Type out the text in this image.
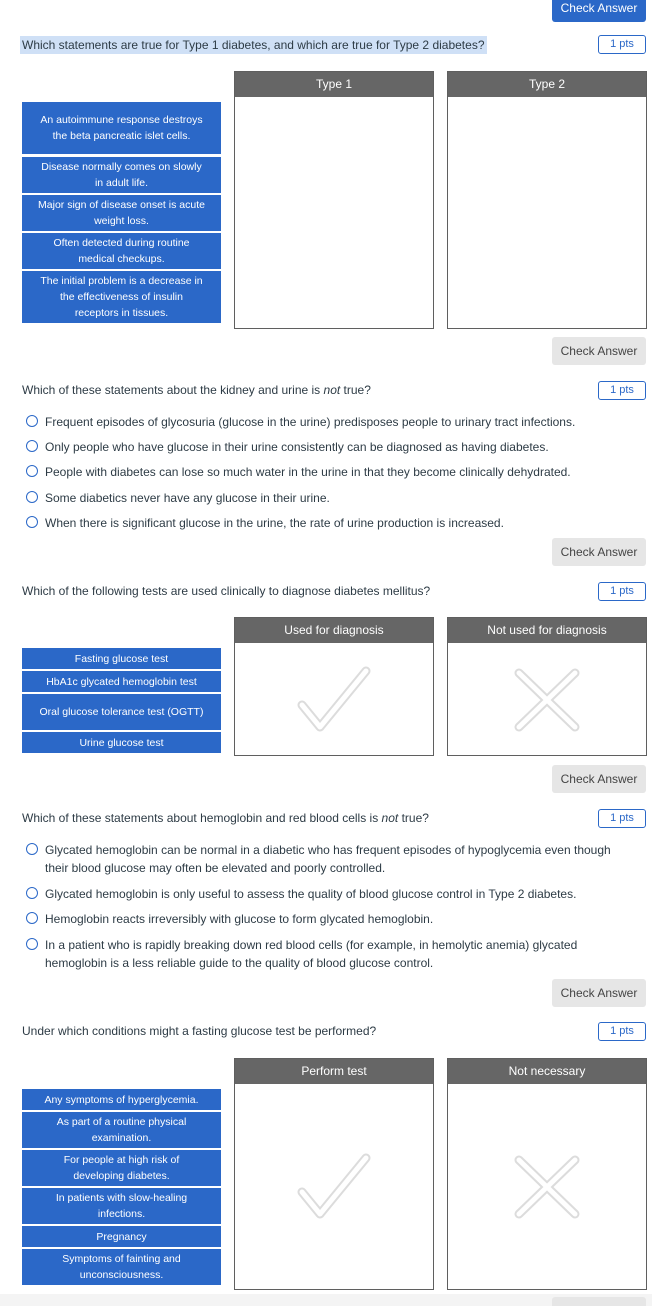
Check Answer
Which statements are true for Type 1 diabetes, and which are true for Type 2 diabetes?	1 pts
Type 1	Type 2
An autoimmune response destroys the beta pancreatic islet cells.
Disease normally comes on slowly in adult life.
Major sign of disease onset is acute weight loss.
Often detected during routine medical checkups.
The initial problem is a decrease in the effectiveness of insulin receptors in tissues.
Check Answer
Which of these statements about the kidney and urine is not true?	1 pts
Frequent episodes of glycosuria (glucose in the urine) predisposes people to urinary tract infections.
Only people who have glucose in their urine consistently can be diagnosed as having diabetes.
People with diabetes can lose so much water in the urine in that they become clinically dehydrated.
Some diabetics never have any glucose in their urine.
When there is significant glucose in the urine, the rate of urine production is increased.
Check Answer
Which of the following tests are used clinically to diagnose diabetes mellitus?	1 pts
Used for diagnosis	Not used for diagnosis
Fasting glucose test
HbA1c glycated hemoglobin test
Oral glucose tolerance test (OGTT)
Urine glucose test
Check Answer
Which of these statements about hemoglobin and red blood cells is not true?	1 pts
Glycated hemoglobin can be normal in a diabetic who has frequent episodes of hypoglycemia even though their blood glucose may often be elevated and poorly controlled.
Glycated hemoglobin is only useful to assess the quality of blood glucose control in Type 2 diabetes.
Hemoglobin reacts irreversibly with glucose to form glycated hemoglobin.
In a patient who is rapidly breaking down red blood cells (for example, in hemolytic anemia) glycated hemoglobin is a less reliable guide to the quality of blood glucose control.
Check Answer
Under which conditions might a fasting glucose test be performed?	1 pts
Perform test	Not necessary
Any symptoms of hyperglycemia.
As part of a routine physical examination.
For people at high risk of developing diabetes.
In patients with slow-healing infections.
Pregnancy
Symptoms of fainting and unconsciousness.
